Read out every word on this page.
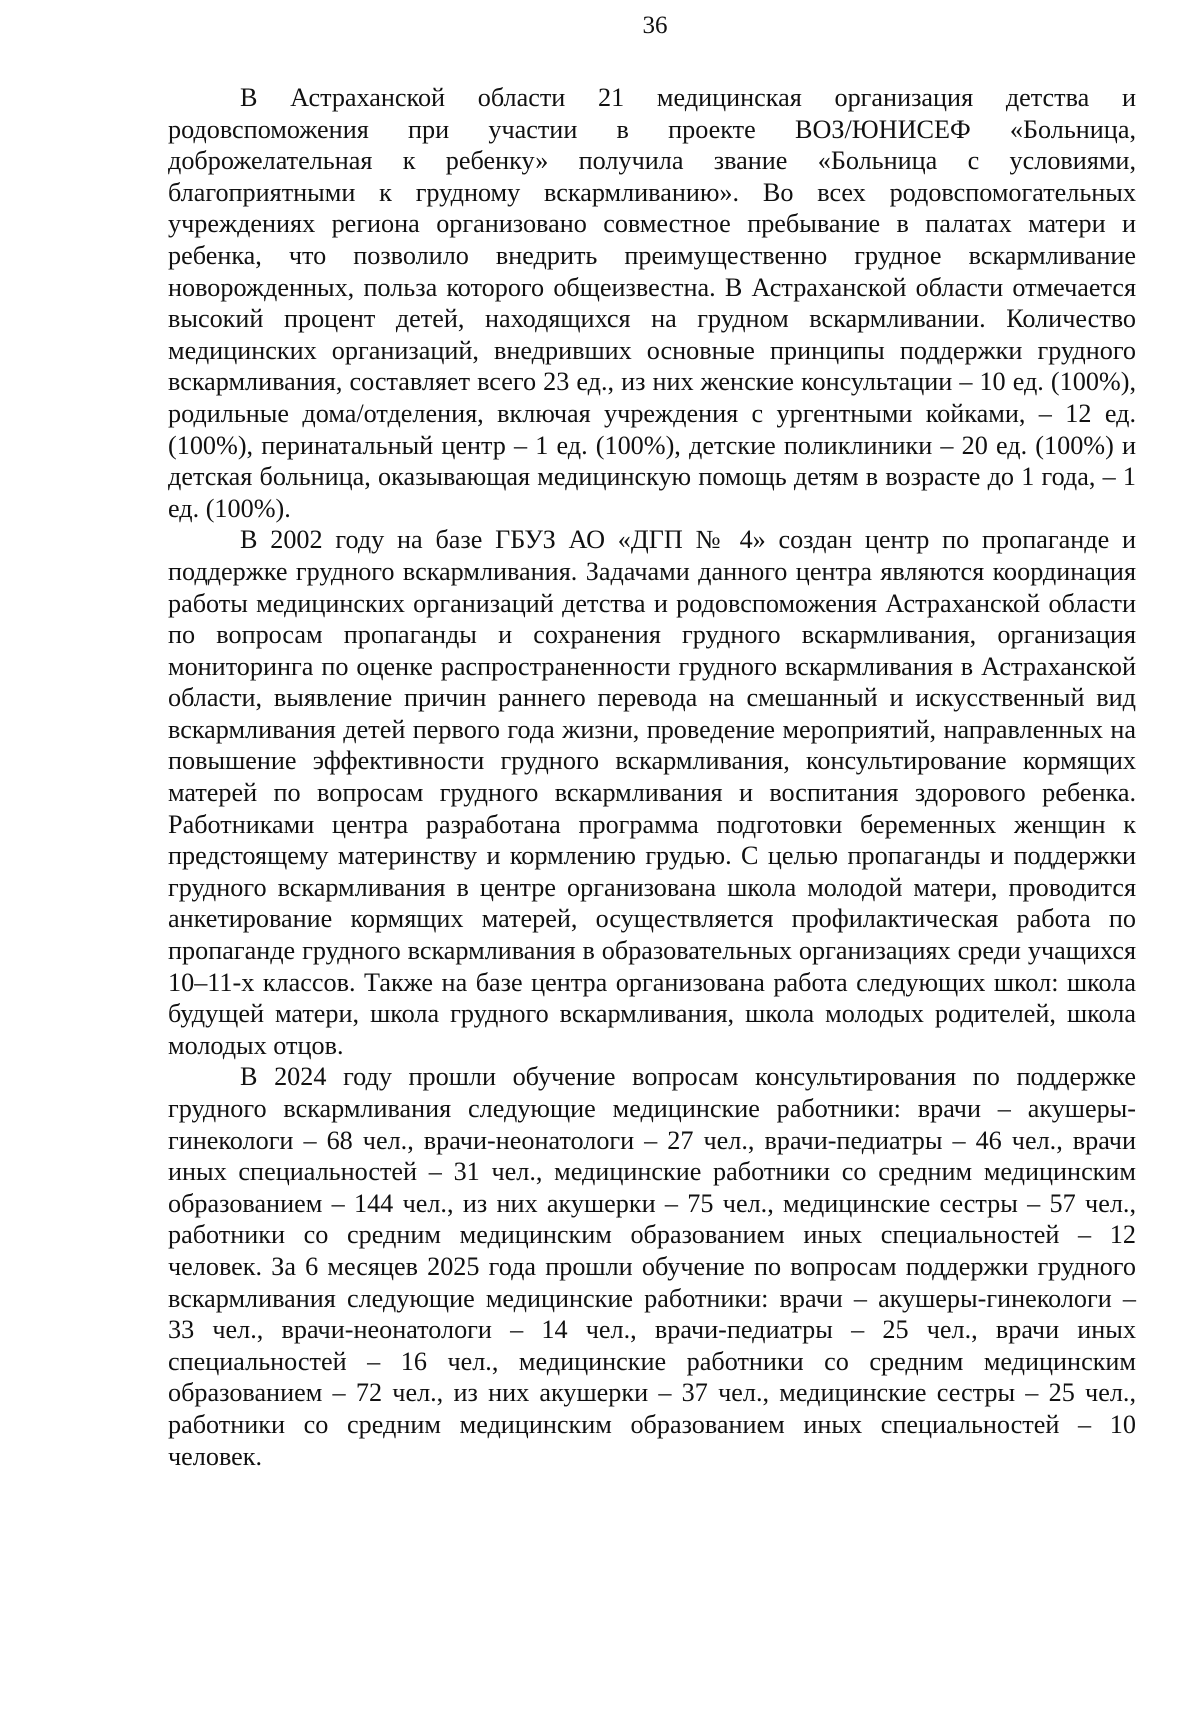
36

В Астраханской области 21 медицинская организация детства и родовспоможения при участии в проекте ВОЗ/ЮНИСЕФ «Больница, доброжелательная к ребенку» получила звание «Больница с условиями, благоприятными к грудному вскармливанию». Во всех родовспомогательных учреждениях региона организовано совместное пребывание в палатах матери и ребенка, что позволило внедрить преимущественно грудное вскармливание новорожденных, польза которого общеизвестна. В Астраханской области отмечается высокий процент детей, находящихся на грудном вскармливании. Количество медицинских организаций, внедривших основные принципы поддержки грудного вскармливания, составляет всего 23 ед., из них женские консультации – 10 ед. (100%), родильные дома/отделения, включая учреждения с ургентными койками, – 12 ед. (100%), перинатальный центр – 1 ед. (100%), детские поликлиники – 20 ед. (100%) и детская больница, оказывающая медицинскую помощь детям в возрасте до 1 года, – 1 ед. (100%).

В 2002 году на базе ГБУЗ АО «ДГП № 4» создан центр по пропаганде и поддержке грудного вскармливания. Задачами данного центра являются координация работы медицинских организаций детства и родовспоможения Астраханской области по вопросам пропаганды и сохранения грудного вскармливания, организация мониторинга по оценке распространенности грудного вскармливания в Астраханской области, выявление причин раннего перевода на смешанный и искусственный вид вскармливания детей первого года жизни, проведение мероприятий, направленных на повышение эффективности грудного вскармливания, консультирование кормящих матерей по вопросам грудного вскармливания и воспитания здорового ребенка. Работниками центра разработана программа подготовки беременных женщин к предстоящему материнству и кормлению грудью. С целью пропаганды и поддержки грудного вскармливания в центре организована школа молодой матери, проводится анкетирование кормящих матерей, осуществляется профилактическая работа по пропаганде грудного вскармливания в образовательных организациях среди учащихся 10–11-х классов. Также на базе центра организована работа следующих школ: школа будущей матери, школа грудного вскармливания, школа молодых родителей, школа молодых отцов.

В 2024 году прошли обучение вопросам консультирования по поддержке грудного вскармливания следующие медицинские работники: врачи – акушеры-гинекологи – 68 чел., врачи-неонатологи – 27 чел., врачи-педиатры – 46 чел., врачи иных специальностей – 31 чел., медицинские работники со средним медицинским образованием – 144 чел., из них акушерки – 75 чел., медицинские сестры – 57 чел., работники со средним медицинским образованием иных специальностей – 12 человек. За 6 месяцев 2025 года прошли обучение по вопросам поддержки грудного вскармливания следующие медицинские работники: врачи – акушеры-гинекологи – 33 чел., врачи-неонатологи – 14 чел., врачи-педиатры – 25 чел., врачи иных специальностей – 16 чел., медицинские работники со средним медицинским образованием – 72 чел., из них акушерки – 37 чел., медицинские сестры – 25 чел., работники со средним медицинским образованием иных специальностей – 10 человек.
